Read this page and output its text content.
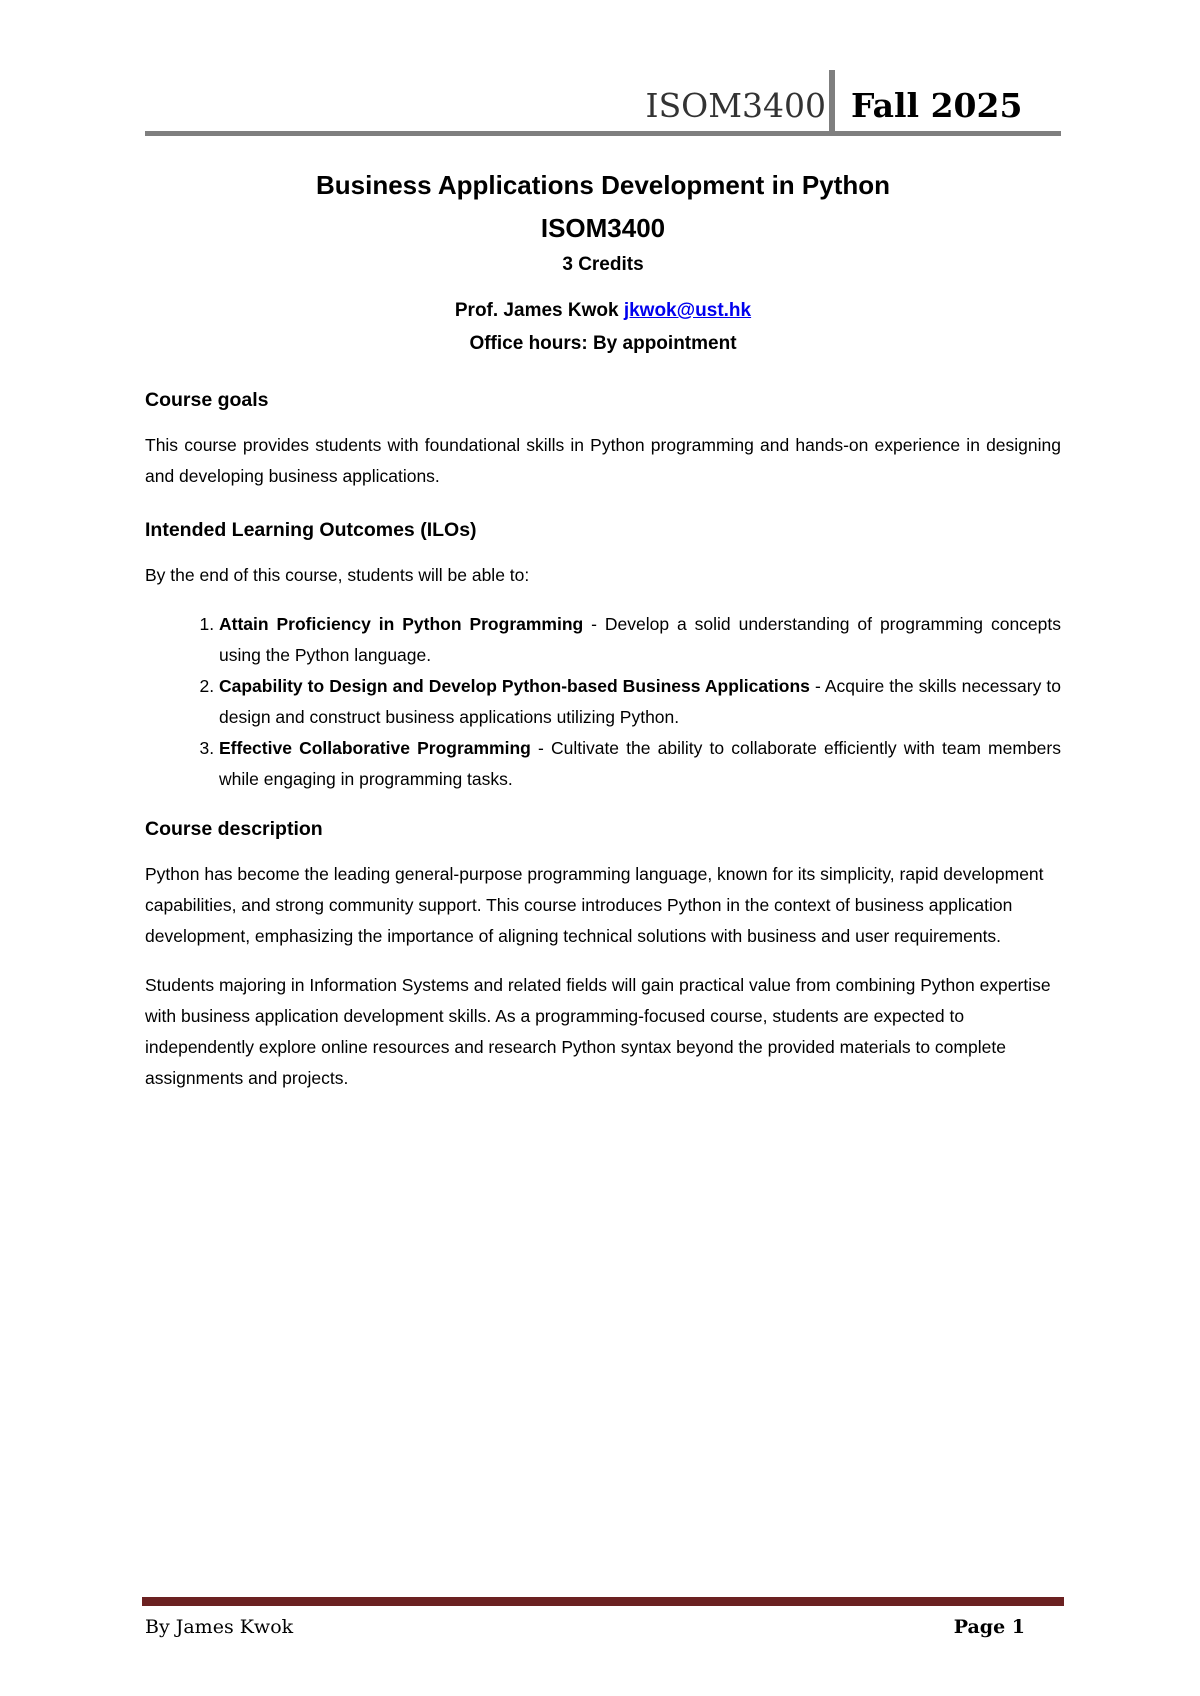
ISOM3400 Fall 2025
Business Applications Development in Python
ISOM3400
3 Credits
Prof. James Kwok jkwok@ust.hk
Office hours: By appointment
Course goals

This course provides students with foundational skills in Python programming and hands-on experience in designing and developing business applications.

Intended Learning Outcomes (ILOs)

By the end of this course, students will be able to:

1. Attain Proficiency in Python Programming - Develop a solid understanding of programming concepts using the Python language.
2. Capability to Design and Develop Python-based Business Applications - Acquire the skills necessary to design and construct business applications utilizing Python.
3. Effective Collaborative Programming - Cultivate the ability to collaborate efficiently with team members while engaging in programming tasks.
Course description

Python has become the leading general-purpose programming language, known for its simplicity, rapid development capabilities, and strong community support. This course introduces Python in the context of business application development, emphasizing the importance of aligning technical solutions with business and user requirements.

Students majoring in Information Systems and related fields will gain practical value from combining Python expertise with business application development skills. As a programming-focused course, students are expected to independently explore online resources and research Python syntax beyond the provided materials to complete assignments and projects.

By James Kwok	Page 1
